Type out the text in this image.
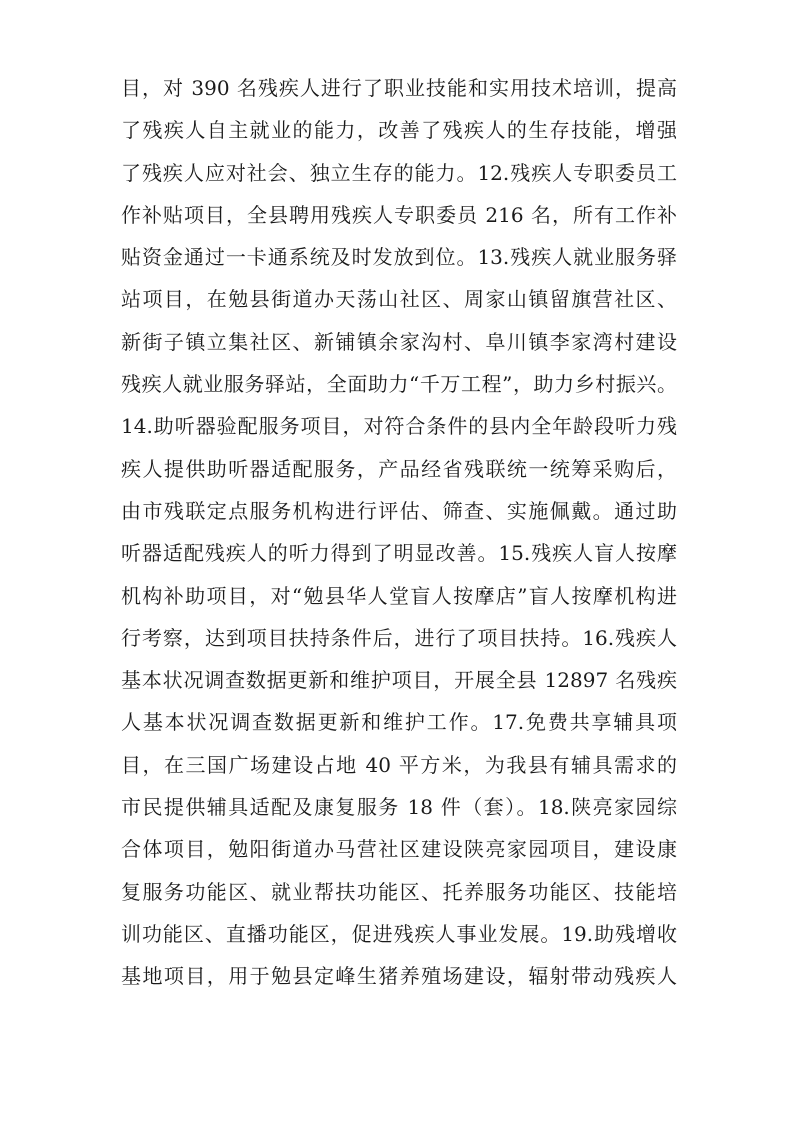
目，对 390 名残疾人进行了职业技能和实用技术培训，提高
了残疾人自主就业的能力，改善了残疾人的生存技能，增强
了残疾人应对社会、独立生存的能力。12.残疾人专职委员工
作补贴项目，全县聘用残疾人专职委员 216 名，所有工作补
贴资金通过一卡通系统及时发放到位。13.残疾人就业服务驿
站项目，在勉县街道办天荡山社区、周家山镇留旗营社区、
新街子镇立集社区、新铺镇余家沟村、阜川镇李家湾村建设
残疾人就业服务驿站，全面助力“千万工程”，助力乡村振兴。
14.助听器验配服务项目，对符合条件的县内全年龄段听力残
疾人提供助听器适配服务，产品经省残联统一统筹采购后，
由市残联定点服务机构进行评估、筛查、实施佩戴。通过助
听器适配残疾人的听力得到了明显改善。15.残疾人盲人按摩
机构补助项目，对“勉县华人堂盲人按摩店”盲人按摩机构进
行考察，达到项目扶持条件后，进行了项目扶持。16.残疾人
基本状况调查数据更新和维护项目，开展全县 12897 名残疾
人基本状况调查数据更新和维护工作。17.免费共享辅具项
目，在三国广场建设占地 40 平方米，为我县有辅具需求的
市民提供辅具适配及康复服务 18 件（套）。18.陕亮家园综
合体项目，勉阳街道办马营社区建设陕亮家园项目，建设康
复服务功能区、就业帮扶功能区、托养服务功能区、技能培
训功能区、直播功能区，促进残疾人事业发展。19.助残增收
基地项目，用于勉县定峰生猪养殖场建设，辐射带动残疾人
